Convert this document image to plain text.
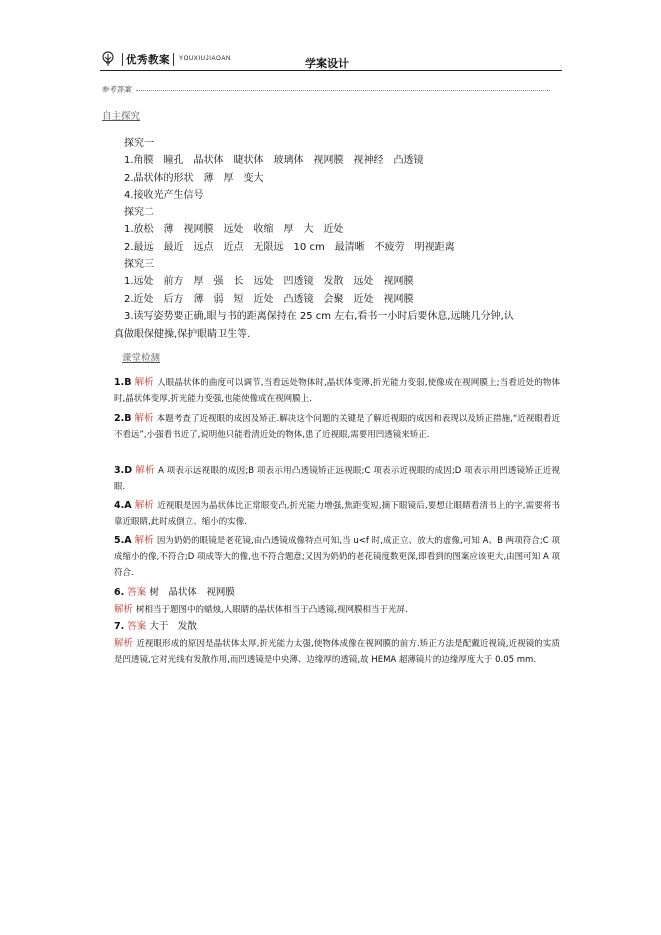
优秀教案 YOUXIUJIAOAN	学案设计
参考答案
自主探究
探究一
1.角膜　瞳孔　晶状体　睫状体　玻璃体　视网膜　视神经　凸透镜
2.晶状体的形状　薄　厚　变大
4.接收光产生信号
探究二
1.放松　薄　视网膜　远处　收缩　厚　大　近处
2.最远　最近　远点　近点　无限远　10 cm　最清晰　不疲劳　明视距离
探究三
1.远处　前方　厚　强　长　远处　凹透镜　发散　远处　视网膜
2.近处　后方　薄　弱　短　近处　凸透镜　会聚　近处　视网膜
3.读写姿势要正确,眼与书的距离保持在 25 cm 左右,看书一小时后要休息,远眺几分钟,认
真做眼保健操,保护眼睛卫生等.
课堂检测
1.B 解析 人眼晶状体的曲度可以调节,当看远处物体时,晶状体变薄,折光能力变弱,使像成在视网膜上;当看近处的物体时,晶状体变厚,折光能力变强,也能使像成在视网膜上.
2.B 解析 本题考查了近视眼的成因及矫正.解决这个问题的关键是了解近视眼的成因和表现以及矫正措施,“近视眼看近不看远”,小强看书近了,说明他只能看清近处的物体,患了近视眼,需要用凹透镜来矫正.
3.D 解析 A 项表示远视眼的成因;B 项表示用凸透镜矫正远视眼;C 项表示近视眼的成因;D 项表示用凹透镜矫正近视眼.
4.A 解析 近视眼是因为晶状体比正常眼变凸,折光能力增强,焦距变短,摘下眼镜后,要想让眼睛看清书上的字,需要将书靠近眼睛,此时成倒立、缩小的实像.
5.A 解析 因为奶奶的眼镜是老花镜,由凸透镜成像特点可知,当 u<f 时,成正立、放大的虚像,可知 A、B 两项符合;C 项成缩小的像,不符合;D 项成等大的像,也不符合题意;又因为奶奶的老花镜度数更深,即看到的图案应该更大,由图可知 A 项符合.
6. 答案 树　晶状体　视网膜
解析 树相当于题图中的蜡烛,人眼睛的晶状体相当于凸透镜,视网膜相当于光屏.
7. 答案 大于　发散
解析 近视眼形成的原因是晶状体太厚,折光能力太强,使物体成像在视网膜的前方.矫正方法是配戴近视镜,近视镜的实质是凹透镜,它对光线有发散作用,而凹透镜是中央薄、边缘厚的透镜,故 HEMA 超薄镜片的边缘厚度大于 0.05 mm.
